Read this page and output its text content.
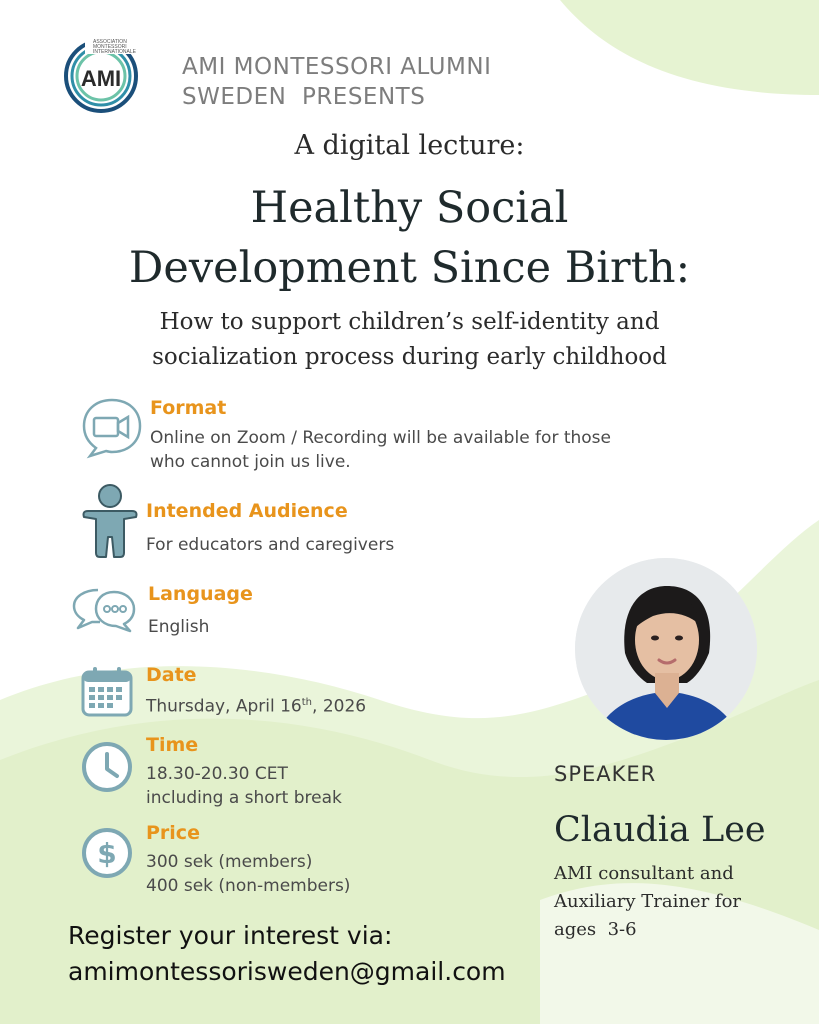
AMI
ASSOCIATION
MONTESSORI
INTERNATIONALE
AMI MONTESSORI ALUMNI
SWEDEN  PRESENTS
A digital lecture:
Healthy Social
Development Since Birth:
How to support children’s self-identity and
socialization process during early childhood
Format
Online on Zoom / Recording will be available for those
who cannot join us live.
Intended Audience
For educators and caregivers
Language
English
Date
Thursday, April 16th, 2026
Time
18.30-20.30 CET
including a short break
$
Price
300 sek (members)
400 sek (non-members)
SPEAKER
Claudia Lee
AMI consultant and
Auxiliary Trainer for
ages  3-6
Register your interest via:
amimontessorisweden@gmail.com
